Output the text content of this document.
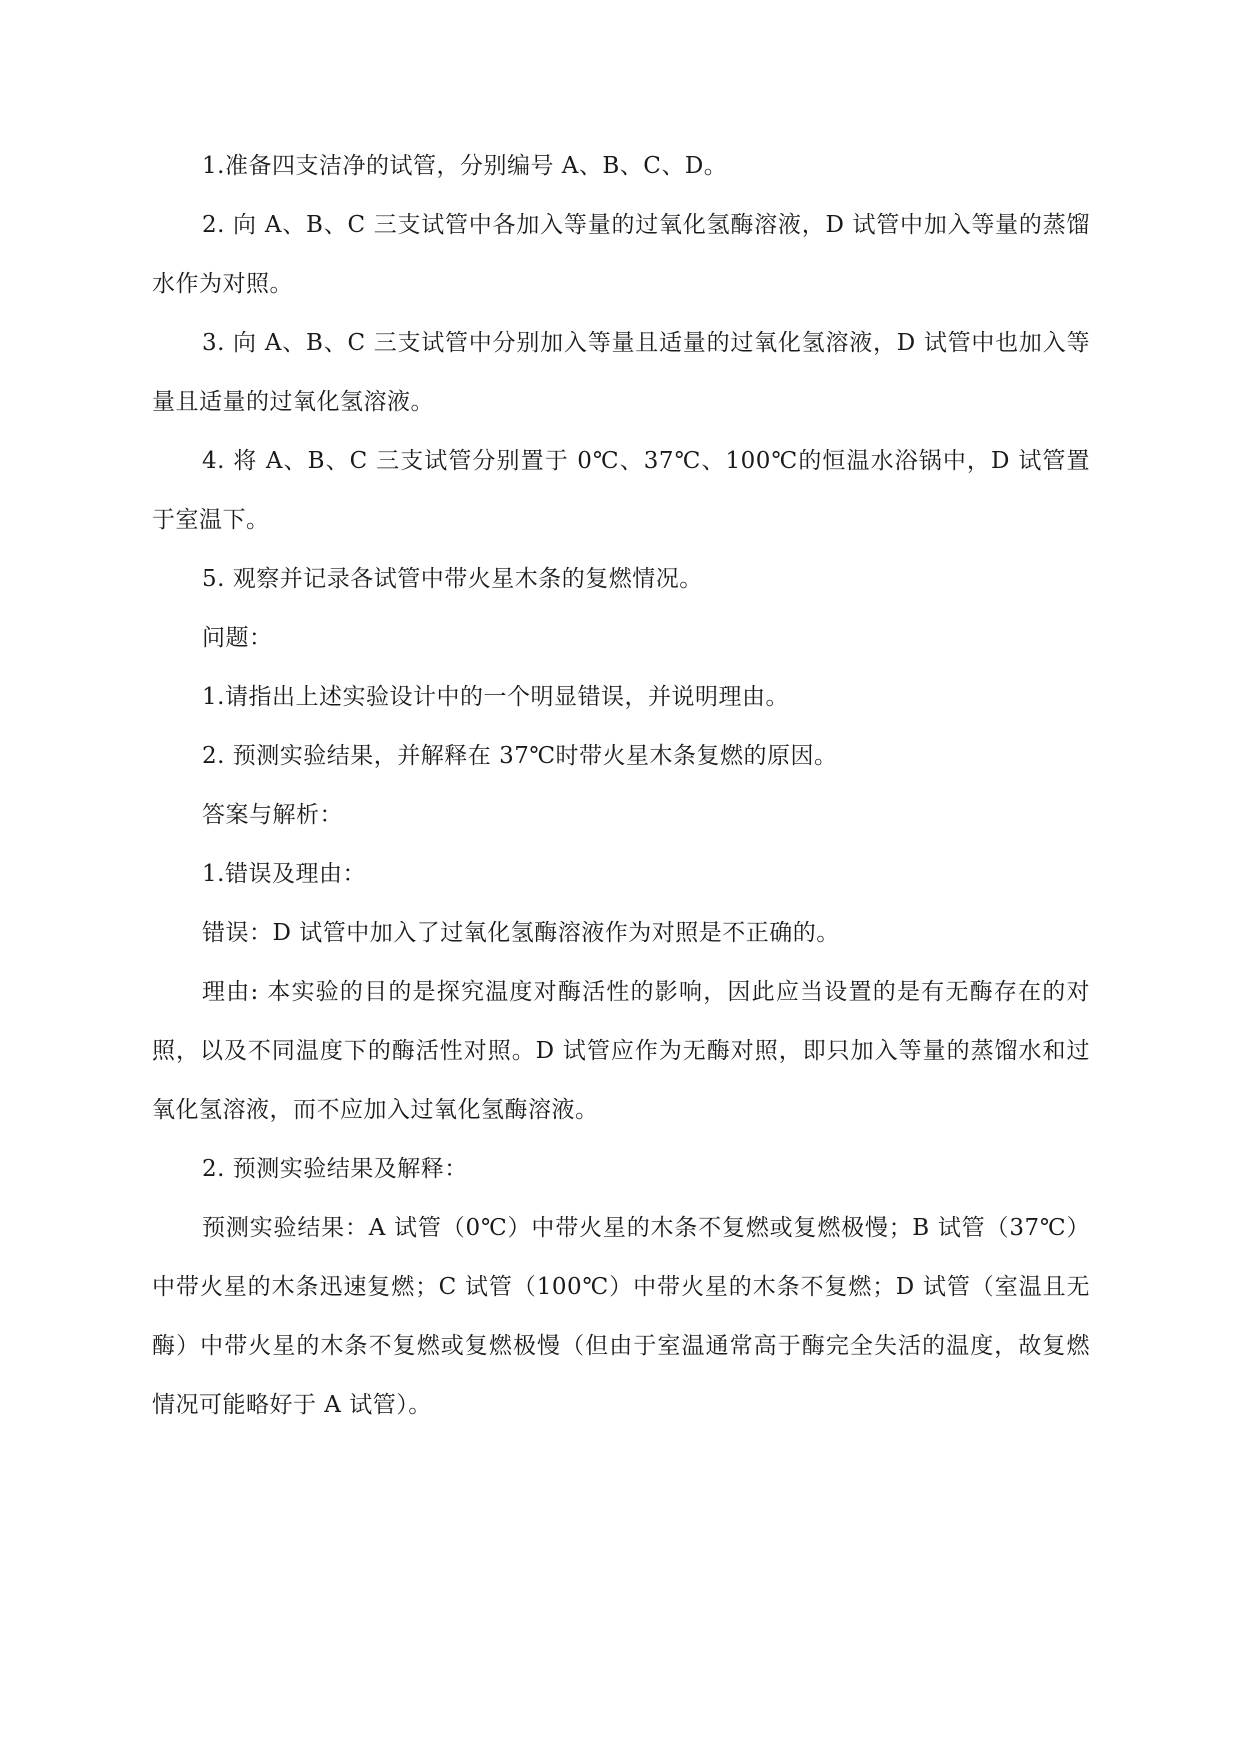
1.准备四支洁净的试管，分别编号 A、B、C、D。

2. 向 A、B、C 三支试管中各加入等量的过氧化氢酶溶液，D 试管中加入等量的蒸馏水作为对照。

3. 向 A、B、C 三支试管中分别加入等量且适量的过氧化氢溶液，D 试管中也加入等量且适量的过氧化氢溶液。

4. 将 A、B、C 三支试管分别置于 0℃、37℃、100℃的恒温水浴锅中，D 试管置于室温下。

5. 观察并记录各试管中带火星木条的复燃情况。

问题：

1.请指出上述实验设计中的一个明显错误，并说明理由。

2. 预测实验结果，并解释在 37℃时带火星木条复燃的原因。

答案与解析：

1.错误及理由：

错误：D 试管中加入了过氧化氢酶溶液作为对照是不正确的。

理由: 本实验的目的是探究温度对酶活性的影响，因此应当设置的是有无酶存在的对照，以及不同温度下的酶活性对照。D 试管应作为无酶对照，即只加入等量的蒸馏水和过氧化氢溶液，而不应加入过氧化氢酶溶液。

2. 预测实验结果及解释：

预测实验结果：A 试管（0℃）中带火星的木条不复燃或复燃极慢；B 试管（37℃）中带火星的木条迅速复燃；C 试管（100℃）中带火星的木条不复燃；D 试管（室温且无酶）中带火星的木条不复燃或复燃极慢（但由于室温通常高于酶完全失活的温度，故复燃情况可能略好于 A 试管）。
